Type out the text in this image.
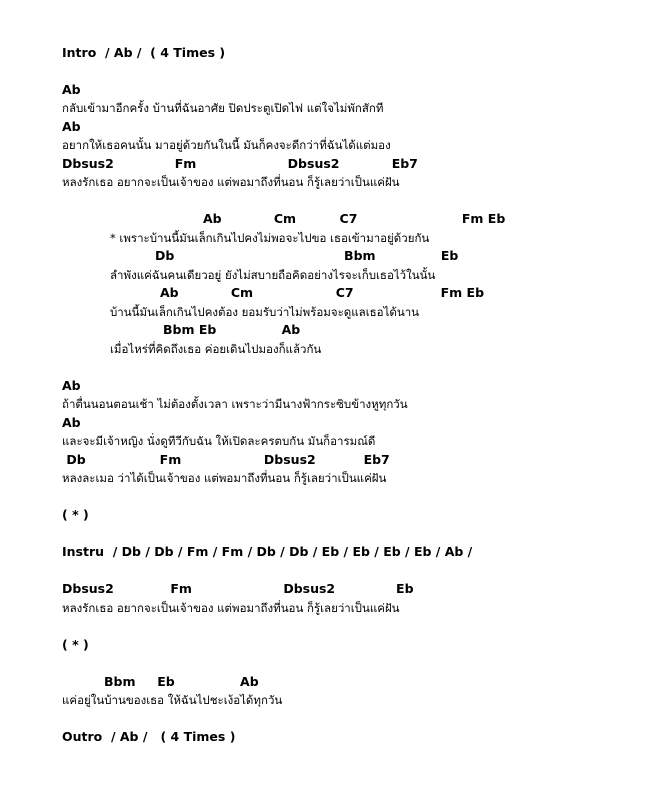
Intro  / Ab /  ( 4 Times )
Ab
กลับเข้ามาอีกครั้ง บ้านที่ฉันอาศัย ปิดประตูเปิดไฟ แต่ใจไม่พักสักที
Ab
อยากให้เธอคนนั้น มาอยู่ด้วยกันในนี้ มันก็คงจะดีกว่าที่ฉันได้แต่มอง
Dbsus2              Fm                     Dbsus2            Eb7
หลงรักเธอ อยากจะเป็นเจ้าของ แต่พอมาถึงที่นอน ก็รู้เลยว่าเป็นแค่ฝัน
Ab            Cm          C7                        Fm Eb
* เพราะบ้านนี้มันเล็กเกินไปคงไม่พอจะไปขอ เธอเข้ามาอยู่ด้วยกัน
Db                                       Bbm               Eb
ลำพังแค่ฉันคนเดียวอยู่ ยังไม่สบายถือคิดอย่างไรจะเก็บเธอไว้ในนั้น
Ab            Cm                   C7                    Fm Eb
บ้านนี้มันเล็กเกินไปคงต้อง ยอมรับว่าไม่พร้อมจะดูแลเธอได้นาน
Bbm Eb               Ab
เมื่อไหร่ที่คิดถึงเธอ ค่อยเดินไปมองก็แล้วกัน
Ab
ถ้าตื่นนอนตอนเช้า ไม่ต้องตั้งเวลา เพราะว่ามีนางฟ้ากระซิบข้างหูทุกวัน
Ab
และจะมีเจ้าหญิง นั่งดูทีวีกับฉัน ให้เปิดละครตบกัน มันก็อารมณ์ดี
Db                 Fm                   Dbsus2           Eb7
หลงละเมอ ว่าได้เป็นเจ้าของ แต่พอมาถึงที่นอน ก็รู้เลยว่าเป็นแค่ฝัน
( * )
Instru  / Db / Db / Fm / Fm / Db / Db / Eb / Eb / Eb / Eb / Ab /
Dbsus2             Fm                     Dbsus2              Eb
หลงรักเธอ อยากจะเป็นเจ้าของ แต่พอมาถึงที่นอน ก็รู้เลยว่าเป็นแค่ฝัน
( * )
Bbm     Eb               Ab
แค่อยู่ในบ้านของเธอ ให้ฉันไปชะเง้อได้ทุกวัน
Outro  / Ab /   ( 4 Times )
